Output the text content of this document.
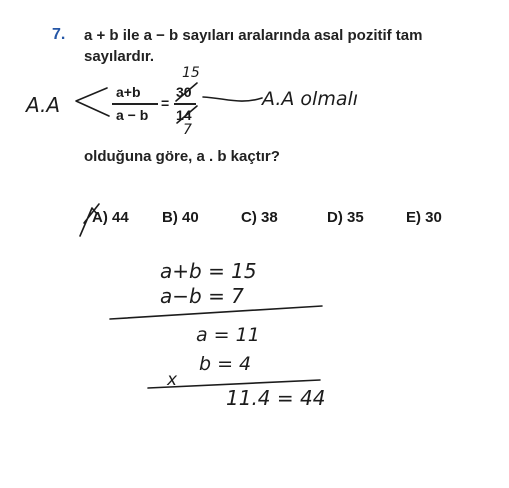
7. a + b ile a − b sayıları aralarında asal pozitif tam
sayılardır.
a+b
a − b
=
30
14
olduğuna göre, a . b kaçtır?
A) 44 B) 40	C) 38	D) 35	E) 30
A.A
15
7
A.A olmalı
a+b = 15
a−b = 7
a = 11
b = 4
x
11.4 = 44
